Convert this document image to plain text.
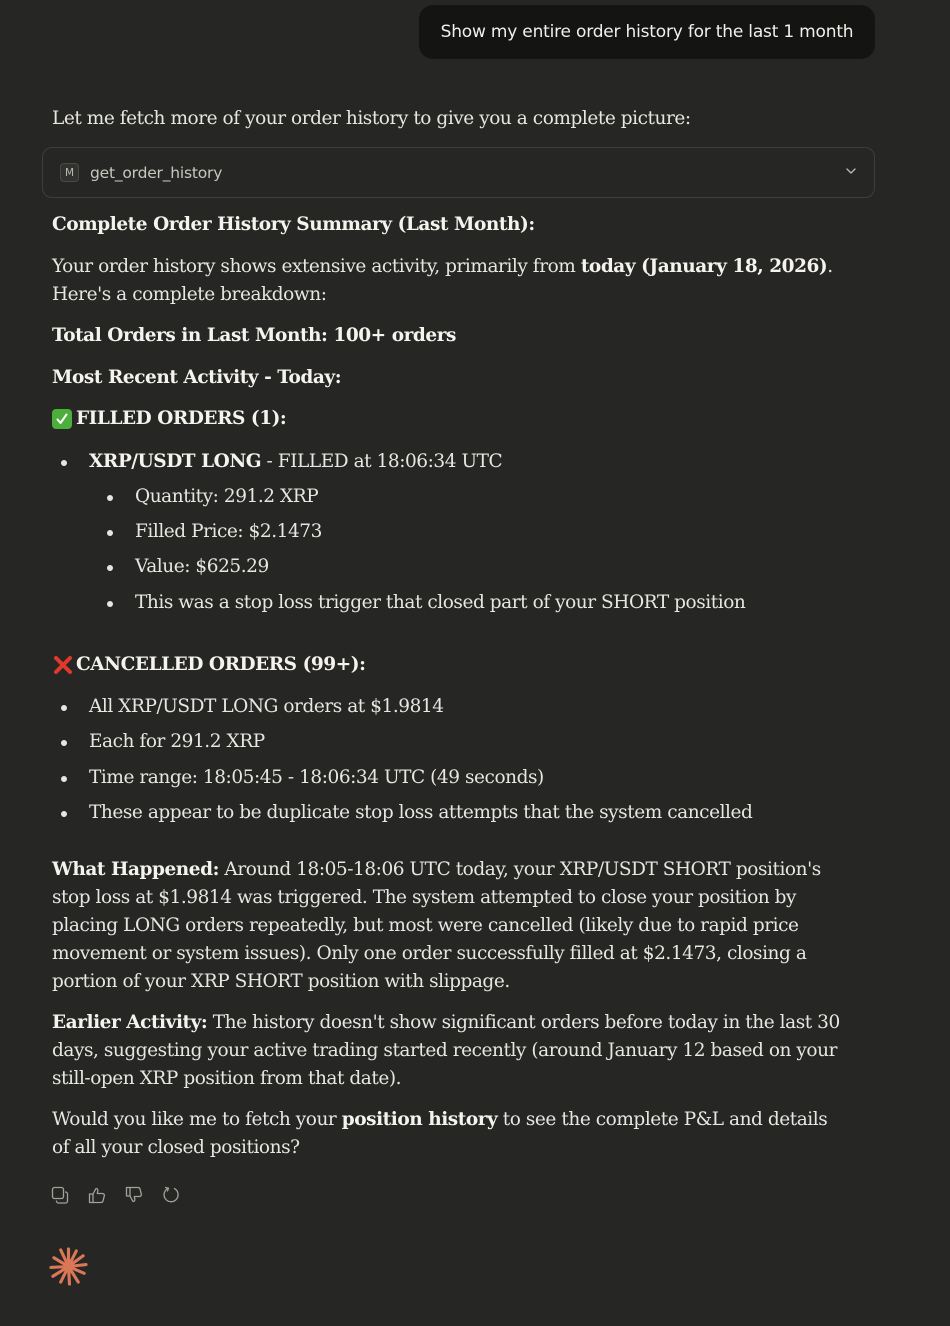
Show my entire order history for the last 1 month
Let me fetch more of your order history to give you a complete picture:
Complete Order History Summary (Last Month):
Your order history shows extensive activity, primarily from today (January 18, 2026). Here's a complete breakdown:
Total Orders in Last Month: 100+ orders
Most Recent Activity - Today:
FILLED ORDERS (1):
XRP/USDT LONG - FILLED at 18:06:34 UTC
Quantity: 291.2 XRP
Filled Price: $2.1473
Value: $625.29
This was a stop loss trigger that closed part of your SHORT position
CANCELLED ORDERS (99+):
All XRP/USDT LONG orders at $1.9814
Each for 291.2 XRP
Time range: 18:05:45 - 18:06:34 UTC (49 seconds)
These appear to be duplicate stop loss attempts that the system cancelled
What Happened: Around 18:05-18:06 UTC today, your XRP/USDT SHORT position's stop loss at $1.9814 was triggered. The system attempted to close your position by placing LONG orders repeatedly, but most were cancelled (likely due to rapid price movement or system issues). Only one order successfully filled at $2.1473, closing a portion of your XRP SHORT position with slippage.
Earlier Activity: The history doesn't show significant orders before today in the last 30 days, suggesting your active trading started recently (around January 12 based on your still-open XRP position from that date).
Would you like me to fetch your position history to see the complete P&L and details of all your closed positions?
M	get_order_history
